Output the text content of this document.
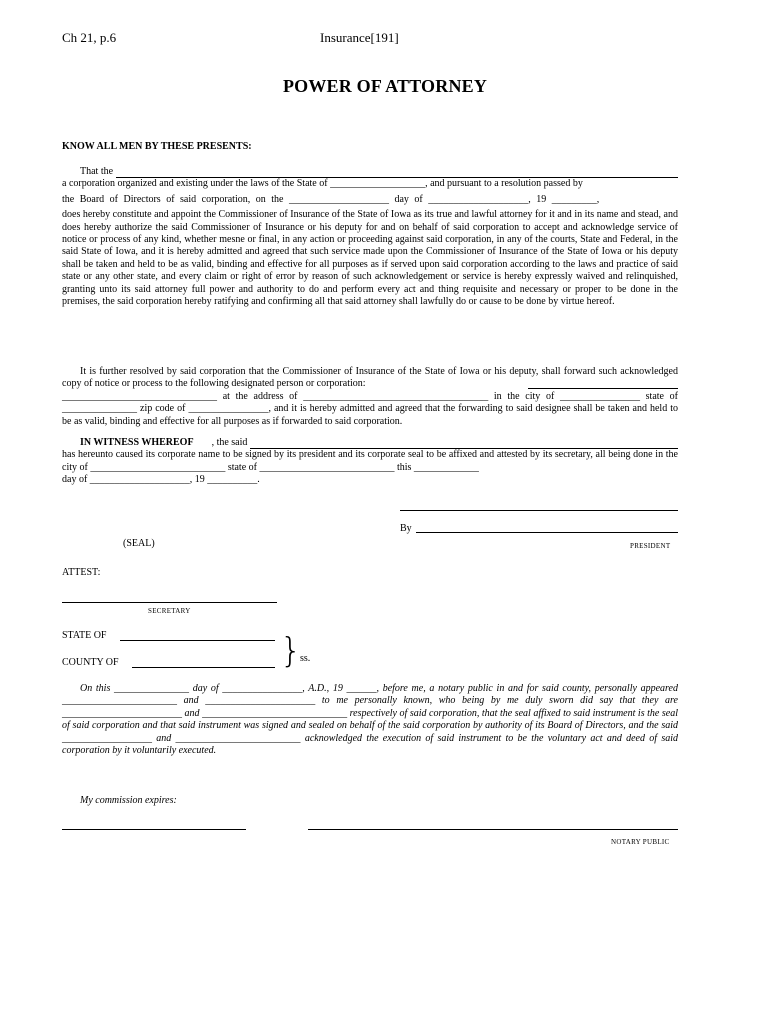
Ch 21, p.6	Insurance[191]
POWER OF ATTORNEY
KNOW ALL MEN BY THESE PRESENTS:
That the

a corporation organized and existing under the laws of the State of ___________________, and pursuant to a resolution passed by

the Board of Directors of said corporation, on the ____________________ day of ____________________, 19 _________,

does hereby constitute and appoint the Commissioner of Insurance of the State of Iowa as its true and lawful attorney for it and in its name and stead, and does hereby authorize the said Commissioner of Insurance or his deputy for and on behalf of said corporation to accept and acknowledge service of notice or process of any kind, whether mesne or final, in any action or proceeding against said corporation, in any of the courts, State and Federal, in the said State of Iowa, and it is hereby admitted and agreed that such service made upon the Commissioner of Insurance of the State of Iowa or his deputy shall be taken and held to be as valid, binding and effective for all purposes as if served upon said corporation according to the laws and practice of said state or any other state, and every claim or right of error by reason of such acknowledgement or service is hereby expressly waived and relinquished, granting unto its said attorney full power and authority to do and perform every act and thing requisite and necessary or proper to be done in the premises, the said corporation hereby ratifying and confirming all that said attorney shall lawfully do or cause to be done by virtue hereof.

It is further resolved by said corporation that the Commissioner of Insurance of the State of Iowa or his deputy, shall forward such acknowledged copy of notice or process to the following designated person or corporation:

_______________________________ at the address of _____________________________________ in the city of ________________ state of _______________ zip code of ________________, and it is hereby admitted and agreed that the forwarding to said designee shall be taken and held to be as valid, binding and effective for all purposes as if forwarded to said corporation.

IN WITNESS WHEREOF	, the said

has hereunto caused its corporate name to be signed by its president and its corporate seal to be affixed and attested by its secretary, all being done in the city of ___________________________ state of ___________________________ this _____________

day of ____________________, 19 __________.

By
(SEAL)	PRESIDENT
ATTEST:
SECRETARY
STATE OF
COUNTY OF	}
ss.

On this _______________ day of ________________, A.D., 19 ______, before me, a notary public in and for said county, personally appeared _______________________ and ______________________ to me personally known, who being by me duly sworn did say that they are ________________________ and _____________________________ respectively of said corporation, that the seal affixed to said instrument is the seal of said corporation and that said instrument was signed and sealed on behalf of the said corporation by authority of its Board of Directors, and the said __________________ and _________________________ acknowledged the execution of said instrument to be the voluntary act and deed of said corporation by it voluntarily executed.

My commission expires:
NOTARY PUBLIC
